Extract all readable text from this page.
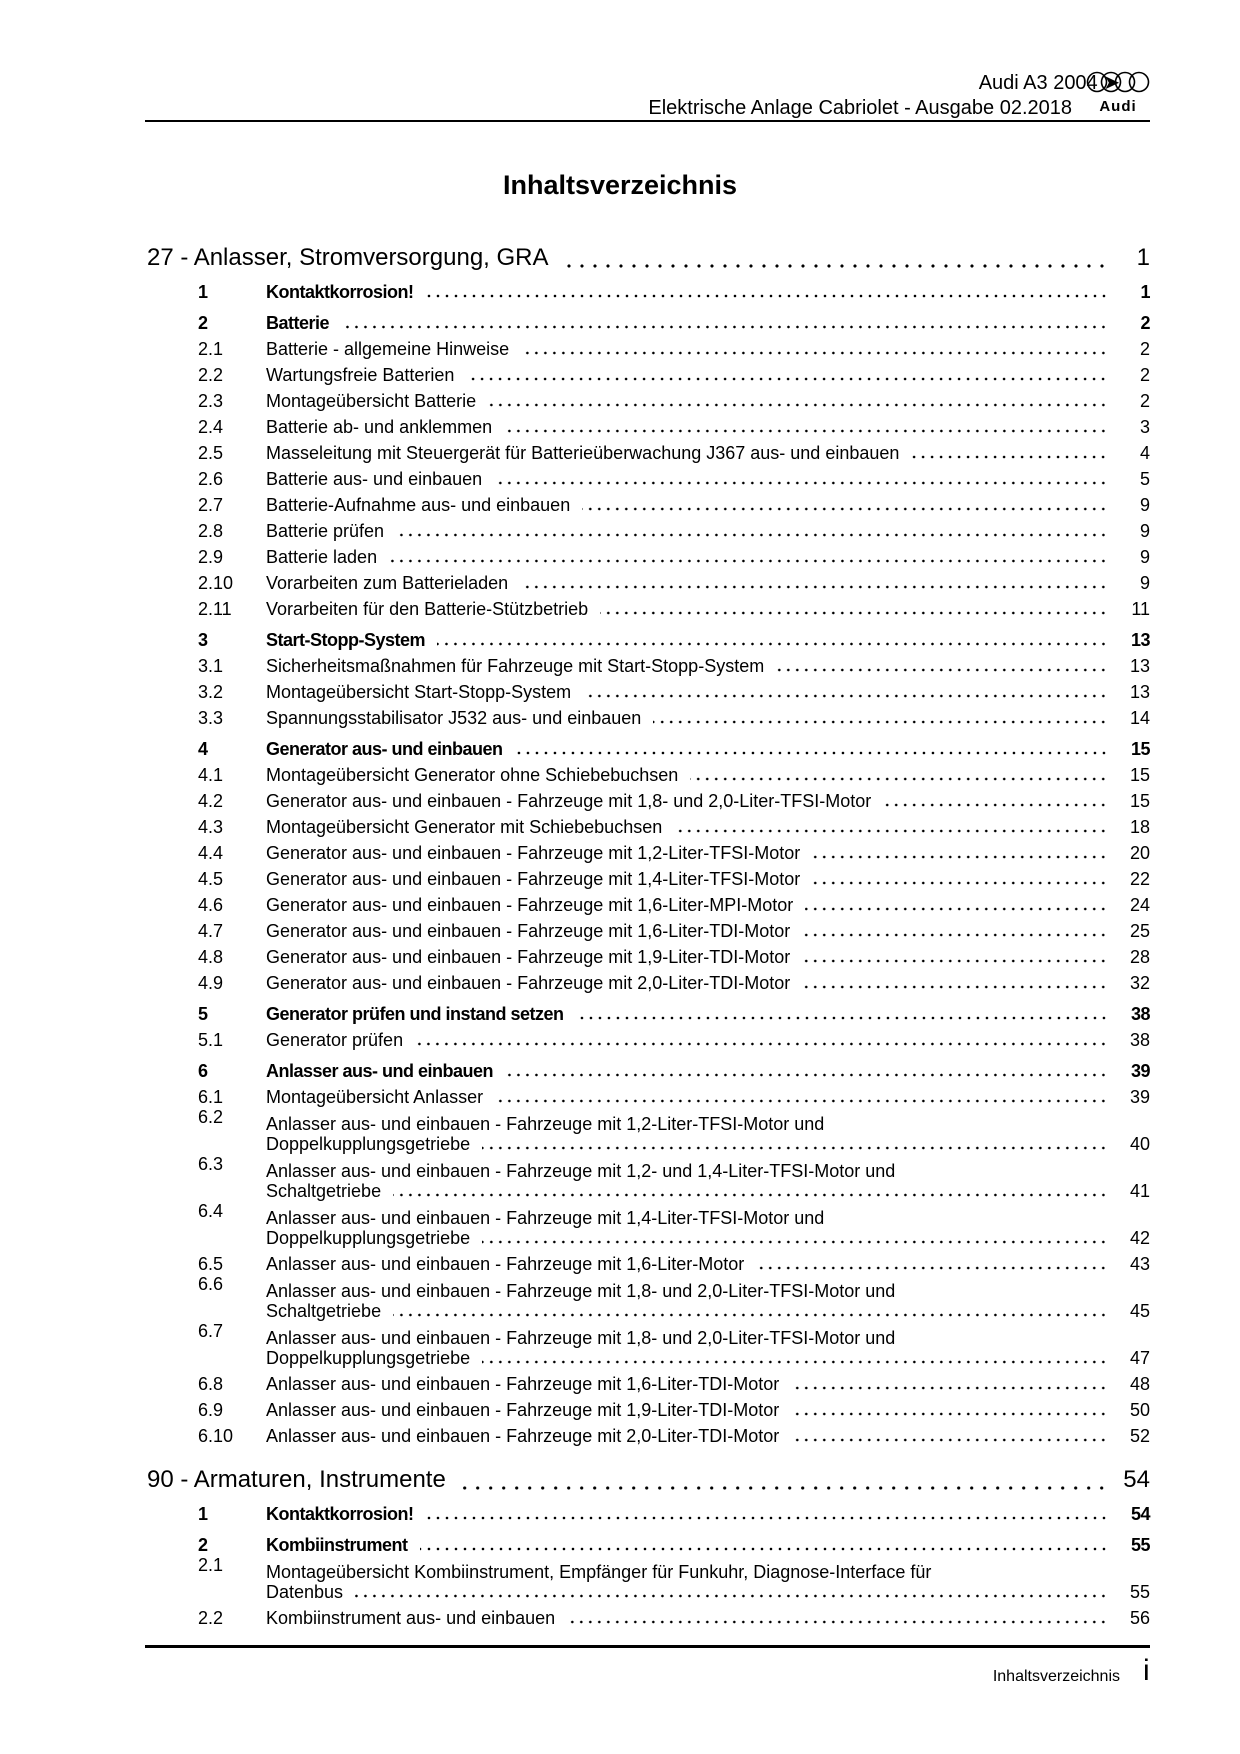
Audi A3 2004 ➤
Elektrische Anlage Cabriolet - Ausgabe 02.2018	Audi
Inhaltsverzeichnis
27 - Anlasser, Stromversorgung, GRA	1
1	Kontaktkorrosion!	1
2	Batterie	2
2.1	Batterie - allgemeine Hinweise	2
2.2	Wartungsfreie Batterien	2
2.3	Montageübersicht Batterie	2
2.4	Batterie ab- und anklemmen	3
2.5	Masseleitung mit Steuergerät für Batterieüberwachung J367 aus- und einbauen	4
2.6	Batterie aus- und einbauen	5
2.7	Batterie-Aufnahme aus- und einbauen	9
2.8	Batterie prüfen	9
2.9	Batterie laden	9
2.10	Vorarbeiten zum Batterieladen	9
2.11	Vorarbeiten für den Batterie-Stützbetrieb	11
3	Start-Stopp-System	13
3.1	Sicherheitsmaßnahmen für Fahrzeuge mit Start-Stopp-System	13
3.2	Montageübersicht Start-Stopp-System	13
3.3	Spannungsstabilisator J532 aus- und einbauen	14
4	Generator aus- und einbauen	15
4.1	Montageübersicht Generator ohne Schiebebuchsen	15
4.2	Generator aus- und einbauen - Fahrzeuge mit 1,8- und 2,0-Liter-TFSI-Motor	15
4.3	Montageübersicht Generator mit Schiebebuchsen	18
4.4	Generator aus- und einbauen - Fahrzeuge mit 1,2-Liter-TFSI-Motor	20
4.5	Generator aus- und einbauen - Fahrzeuge mit 1,4-Liter-TFSI-Motor	22
4.6	Generator aus- und einbauen - Fahrzeuge mit 1,6-Liter-MPI-Motor	24
4.7	Generator aus- und einbauen - Fahrzeuge mit 1,6-Liter-TDI-Motor	25
4.8	Generator aus- und einbauen - Fahrzeuge mit 1,9-Liter-TDI-Motor	28
4.9	Generator aus- und einbauen - Fahrzeuge mit 2,0-Liter-TDI-Motor	32
5	Generator prüfen und instand setzen	38
5.1	Generator prüfen	38
6	Anlasser aus- und einbauen	39
6.1	Montageübersicht Anlasser	39
6.2	Anlasser aus- und einbauen - Fahrzeuge mit 1,2-Liter-TFSI-Motor und
Doppelkupplungsgetriebe	40
6.3	Anlasser aus- und einbauen - Fahrzeuge mit 1,2- und 1,4-Liter-TFSI-Motor und
Schaltgetriebe	41
6.4	Anlasser aus- und einbauen - Fahrzeuge mit 1,4-Liter-TFSI-Motor und
Doppelkupplungsgetriebe	42
6.5	Anlasser aus- und einbauen - Fahrzeuge mit 1,6-Liter-Motor	43
6.6	Anlasser aus- und einbauen - Fahrzeuge mit 1,8- und 2,0-Liter-TFSI-Motor und
Schaltgetriebe	45
6.7	Anlasser aus- und einbauen - Fahrzeuge mit 1,8- und 2,0-Liter-TFSI-Motor und
Doppelkupplungsgetriebe	47
6.8	Anlasser aus- und einbauen - Fahrzeuge mit 1,6-Liter-TDI-Motor	48
6.9	Anlasser aus- und einbauen - Fahrzeuge mit 1,9-Liter-TDI-Motor	50
6.10	Anlasser aus- und einbauen - Fahrzeuge mit 2,0-Liter-TDI-Motor	52
90 - Armaturen, Instrumente	54
1	Kontaktkorrosion!	54
2	Kombiinstrument	55
2.1	Montageübersicht Kombiinstrument, Empfänger für Funkuhr, Diagnose-Interface für
Datenbus	55
2.2	Kombiinstrument aus- und einbauen	56
Inhaltsverzeichnis i
